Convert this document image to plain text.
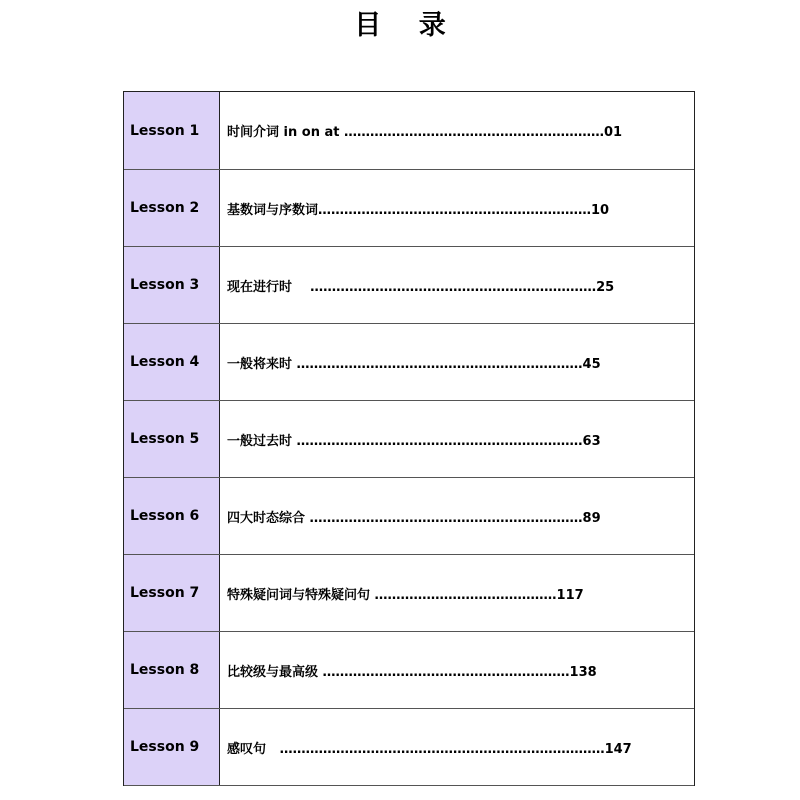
目 录
Lesson 1	时间介词 in on at ……………………………………………………01
Lesson 2	基数词与序数词………………………………………………………10
Lesson 3	现在进行时    …………………………………………………………25
Lesson 4	一般将来时 …………………………………………………………45
Lesson 5	一般过去时 …………………………………………………………63
Lesson 6	四大时态综合 ………………………………………………………89
Lesson 7	特殊疑问词与特殊疑问句 ……………………………………117
Lesson 8	比较级与最高级 …………………………………………………138
Lesson 9	感叹句   …………………………………………………………………147
